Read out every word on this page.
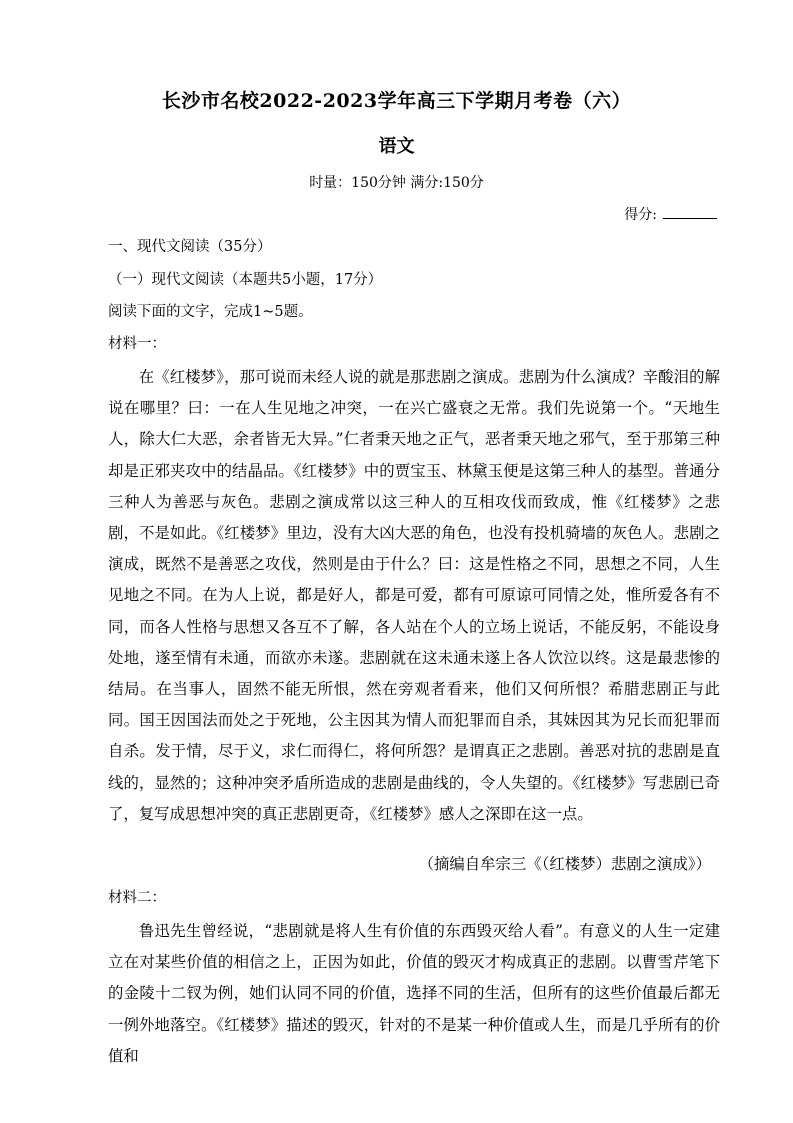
长沙市名校2022-2023学年高三下学期月考卷（六）
语文
时量：150分钟 满分:150分
得分:
一、现代文阅读（35分）
（一）现代文阅读（本题共5小题，17分）
阅读下面的文字，完成1~5题。
材料一：

在《红楼梦》，那可说而未经人说的就是那悲剧之演成。悲剧为什么演成？辛酸泪的解说在哪里？曰：一在人生见地之冲突，一在兴亡盛衰之无常。我们先说第一个。“天地生人，除大仁大恶，余者皆无大异。”仁者秉天地之正气，恶者秉天地之邪气，至于那第三种却是正邪夹攻中的结晶品。《红楼梦》中的贾宝玉、林黛玉便是这第三种人的基型。普通分三种人为善恶与灰色。悲剧之演成常以这三种人的互相攻伐而致成，惟《红楼梦》之悲剧，不是如此。《红楼梦》里边，没有大凶大恶的角色，也没有投机骑墙的灰色人。悲剧之演成，既然不是善恶之攻伐，然则是由于什么？曰：这是性格之不同，思想之不同，人生见地之不同。在为人上说，都是好人，都是可爱，都有可原谅可同情之处，惟所爱各有不同，而各人性格与思想又各互不了解，各人站在个人的立场上说话，不能反躬，不能设身处地，遂至情有未通，而欲亦未遂。悲剧就在这未通未遂上各人饮泣以终。这是最悲惨的结局。在当事人，固然不能无所恨，然在旁观者看来，他们又何所恨？希腊悲剧正与此同。国王因国法而处之于死地，公主因其为情人而犯罪而自杀，其妹因其为兄长而犯罪而自杀。发于情，尽于义，求仁而得仁，将何所怨？是谓真正之悲剧。善恶对抗的悲剧是直线的，显然的；这种冲突矛盾所造成的悲剧是曲线的，令人失望的。《红楼梦》写悲剧已奇了，复写成思想冲突的真正悲剧更奇，《红楼梦》感人之深即在这一点。

（摘编自牟宗三《（红楼梦）悲剧之演成》）
材料二：

鲁迅先生曾经说，“悲剧就是将人生有价值的东西毁灭给人看”。有意义的人生一定建立在对某些价值的相信之上，正因为如此，价值的毁灭才构成真正的悲剧。以曹雪芹笔下的金陵十二钗为例，她们认同不同的价值，选择不同的生活，但所有的这些价值最后都无一例外地落空。《红楼梦》描述的毁灭，针对的不是某一种价值或人生，而是几乎所有的价值和
